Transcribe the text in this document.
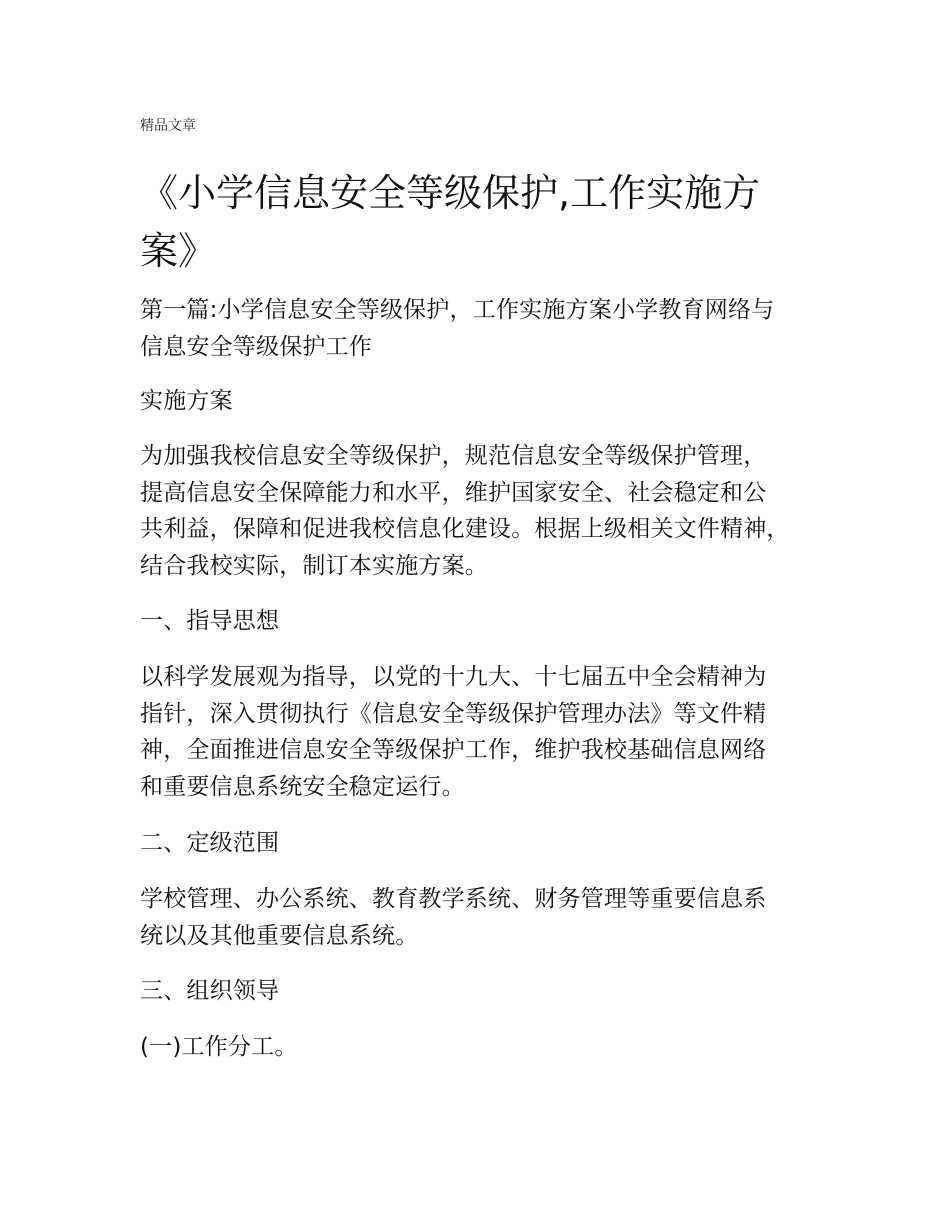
精品文章
《小学信息安全等级保护,工作实施方
案》

第一篇:小学信息安全等级保护，工作实施方案小学教育网络与
信息安全等级保护工作

实施方案

为加强我校信息安全等级保护，规范信息安全等级保护管理，
提高信息安全保障能力和水平，维护国家安全、社会稳定和公
共利益，保障和促进我校信息化建设。根据上级相关文件精神，
结合我校实际，制订本实施方案。

一、指导思想

以科学发展观为指导，以党的十九大、十七届五中全会精神为
指针，深入贯彻执行《信息安全等级保护管理办法》等文件精
神，全面推进信息安全等级保护工作，维护我校基础信息网络
和重要信息系统安全稳定运行。

二、定级范围

学校管理、办公系统、教育教学系统、财务管理等重要信息系
统以及其他重要信息系统。

三、组织领导

(一)工作分工。
